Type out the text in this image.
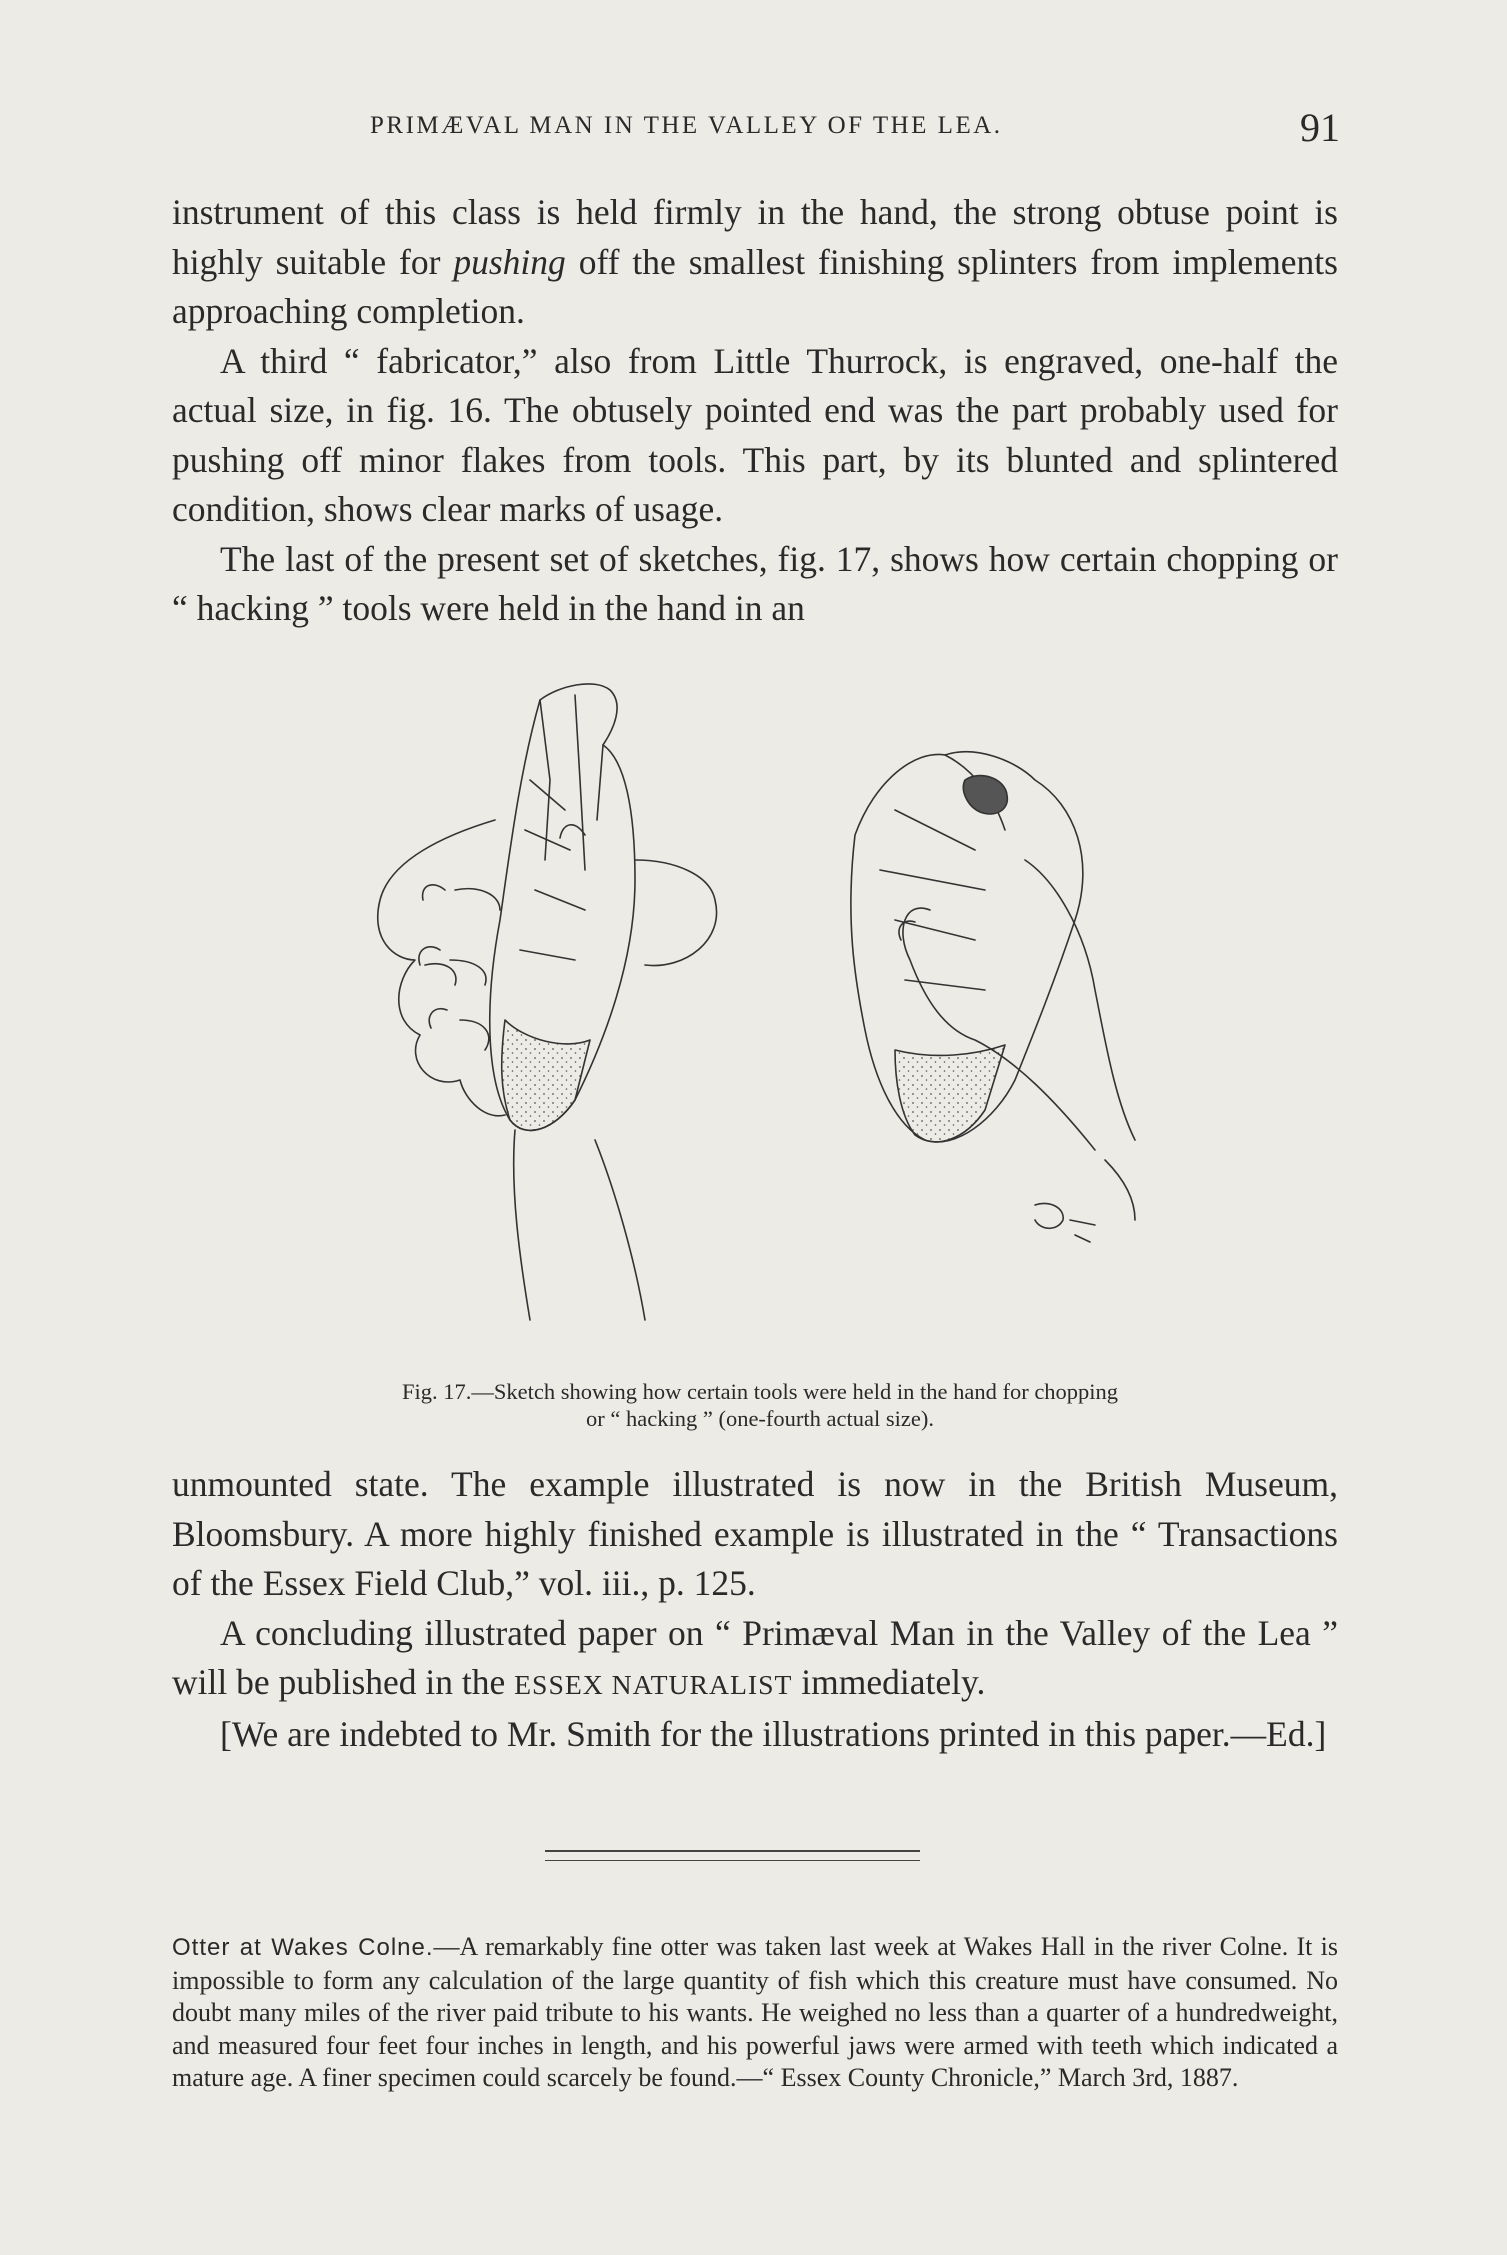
PRIMÆVAL MAN IN THE VALLEY OF THE LEA.	91

instrument of this class is held firmly in the hand, the strong obtuse point is highly suitable for pushing off the smallest finishing splinters from implements approaching completion.

A third “ fabricator,” also from Little Thurrock, is engraved, one-half the actual size, in fig. 16. The obtusely pointed end was the part probably used for pushing off minor flakes from tools. This part, by its blunted and splintered condition, shows clear marks of usage.

The last of the present set of sketches, fig. 17, shows how certain chopping or “ hacking ” tools were held in the hand in an

Fig. 17.—Sketch showing how certain tools were held in the hand for chopping
or “ hacking ” (one-fourth actual size).

unmounted state. The example illustrated is now in the British Museum, Bloomsbury. A more highly finished example is illustrated in the “ Transactions of the Essex Field Club,” vol. iii., p. 125.

A concluding illustrated paper on “ Primæval Man in the Valley of the Lea ” will be published in the ESSEX NATURALIST immediately.

[We are indebted to Mr. Smith for the illustrations printed in this paper.—Ed.]

Otter at Wakes Colne.—A remarkably fine otter was taken last week at Wakes Hall in the river Colne. It is impossible to form any calculation of the large quantity of fish which this creature must have consumed. No doubt many miles of the river paid tribute to his wants. He weighed no less than a quarter of a hundredweight, and measured four feet four inches in length, and his powerful jaws were armed with teeth which indicated a mature age. A finer specimen could scarcely be found.—“ Essex County Chronicle,” March 3rd, 1887.
